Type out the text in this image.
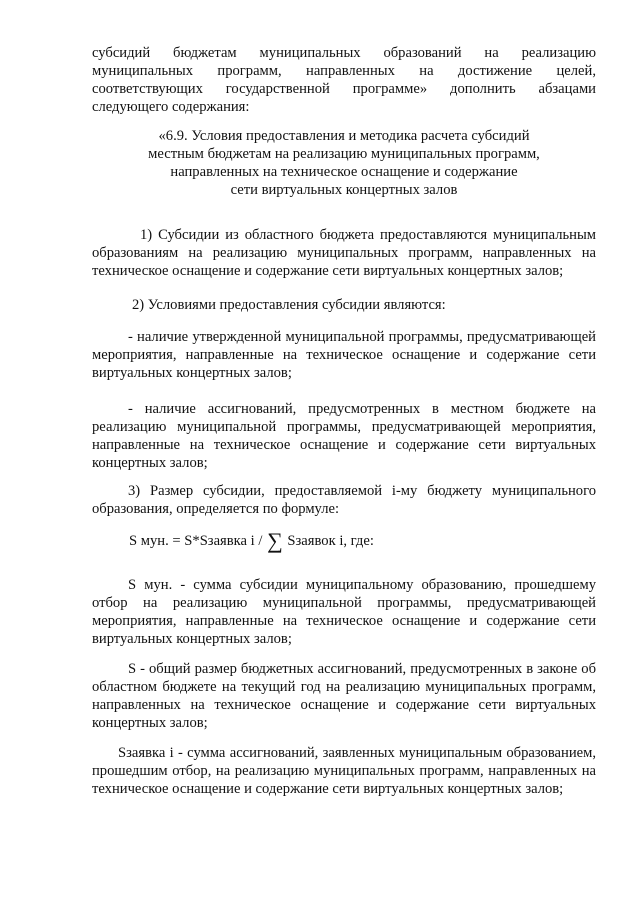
субсидий бюджетам муниципальных образований на реализацию муниципальных программ, направленных на достижение целей, соответствующих государственной программе» дополнить абзацами следующего содержания:

«6.9. Условия предоставления и методика расчета субсидий

местным бюджетам на реализацию муниципальных программ,

направленных на техническое оснащение и содержание

сети виртуальных концертных залов

1) Субсидии из областного бюджета предоставляются муниципальным образованиям на реализацию муниципальных программ, направленных на техническое оснащение и содержание сети виртуальных концертных залов;

2) Условиями предоставления субсидии являются:

- наличие утвержденной муниципальной программы, предусматривающей мероприятия, направленные на техническое оснащение и содержание сети виртуальных концертных залов;

- наличие ассигнований, предусмотренных в местном бюджете на реализацию муниципальной программы, предусматривающей мероприятия, направленные на техническое оснащение и содержание сети виртуальных концертных залов;

3) Размер субсидии, предоставляемой i-му бюджету муниципального образования, определяется по формуле:

S мун. = S*Sзаявка i / ∑ Sзаявок i, где:

S мун. - сумма субсидии муниципальному образованию, прошедшему отбор на реализацию муниципальной программы, предусматривающей мероприятия, направленные на техническое оснащение и содержание сети виртуальных концертных залов;

S - общий размер бюджетных ассигнований, предусмотренных в законе об областном бюджете на текущий год на реализацию муниципальных программ, направленных на техническое оснащение и содержание сети виртуальных концертных залов;

Sзаявка i - сумма ассигнований, заявленных муниципальным образованием, прошедшим отбор, на реализацию муниципальных программ, направленных на техническое оснащение и содержание сети виртуальных концертных залов;
